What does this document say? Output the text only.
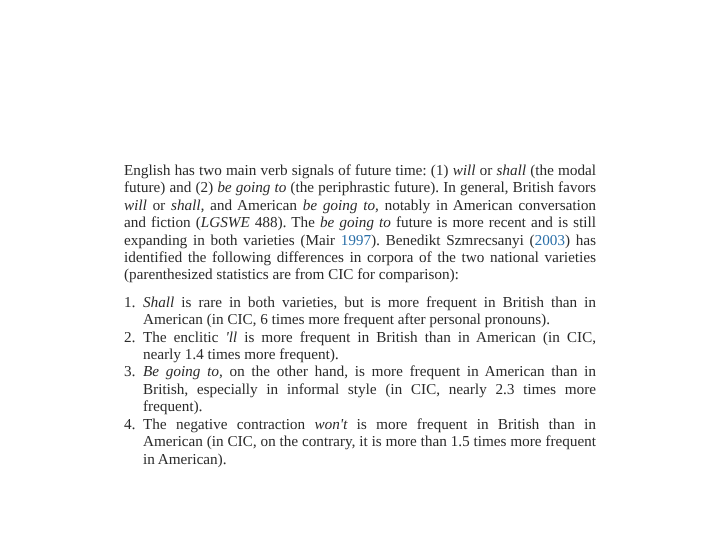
English has two main verb signals of future time: (1) will or shall (the modal future) and (2) be going to (the periphrastic future). In general, British favors will or shall, and American be going to, notably in American conversation and fiction (LGSWE 488). The be going to future is more recent and is still expanding in both varieties (Mair 1997). Benedikt Szmrecsanyi (2003) has identified the following differences in corpora of the two national varieties (parenthesized statistics are from CIC for comparison):

1. Shall is rare in both varieties, but is more frequent in British than in American (in CIC, 6 times more frequent after personal pronouns).
2. The enclitic 'll is more frequent in British than in American (in CIC, nearly 1.4 times more frequent).
3. Be going to, on the other hand, is more frequent in American than in British, especially in informal style (in CIC, nearly 2.3 times more frequent).
4. The negative contraction won't is more frequent in British than in American (in CIC, on the contrary, it is more than 1.5 times more frequent in American).
